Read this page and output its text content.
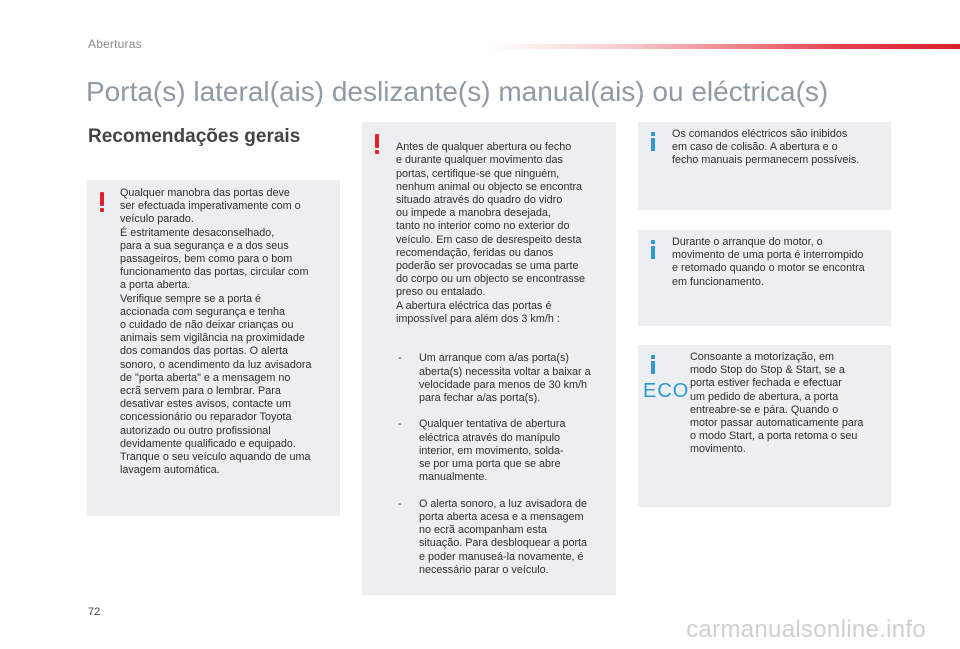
Aberturas
Porta(s) lateral(ais) deslizante(s) manual(ais) ou eléctrica(s)
Recomendações gerais
Qualquer manobra das portas deve
ser efectuada imperativamente com o
veículo parado.
É estritamente desaconselhado,
para a sua segurança e a dos seus
passageiros, bem como para o bom
funcionamento das portas, circular com
a porta aberta.
Verifique sempre se a porta é
accionada com segurança e tenha
o cuidado de não deixar crianças ou
animais sem vigilância na proximidade
dos comandos das portas. O alerta
sonoro, o acendimento da luz avisadora
de "porta aberta" e a mensagem no
ecrã servem para o lembrar. Para
desativar estes avisos, contacte um
concessionário ou reparador Toyota
autorizado ou outro profissional
devidamente qualificado e equipado.
Tranque o seu veículo aquando de uma
lavagem automática.

Antes de qualquer abertura ou fecho
e durante qualquer movimento das
portas, certifique-se que ninguém,
nenhum animal ou objecto se encontra
situado através do quadro do vidro
ou impede a manobra desejada,
tanto no interior como no exterior do
veículo. Em caso de desrespeito desta
recomendação, feridas ou danos
poderão ser provocadas se uma parte
do corpo ou um objecto se encontrasse
preso ou entalado.
A abertura eléctrica das portas é
impossível para além dos 3 km/h :

- Um arranque com a/as porta(s)
aberta(s) necessita voltar a baixar a
velocidade para menos de 30 km/h
para fechar a/as porta(s).

- Qualquer tentativa de abertura
eléctrica através do manípulo
interior, em movimento, solda-
se por uma porta que se abre
manualmente.

- O alerta sonoro, a luz avisadora de
porta aberta acesa e a mensagem
no ecrã acompanham esta
situação. Para desbloquear a porta
e poder manuseá-la novamente, é
necessário parar o veículo.

Os comandos eléctricos são inibidos
em caso de colisão. A abertura e o
fecho manuais permanecem possíveis.
Durante o arranque do motor, o
movimento de uma porta é interrompido
e retomado quando o motor se encontra
em funcionamento.
Consoante a motorização, em
modo Stop do Stop & Start, se a
porta estiver fechada e efectuar
um pedido de abertura, a porta
entreabre-se e pára. Quando o
motor passar automaticamente para
o modo Start, a porta retoma o seu
movimento.
ECO
72
carmanualsonline.info
